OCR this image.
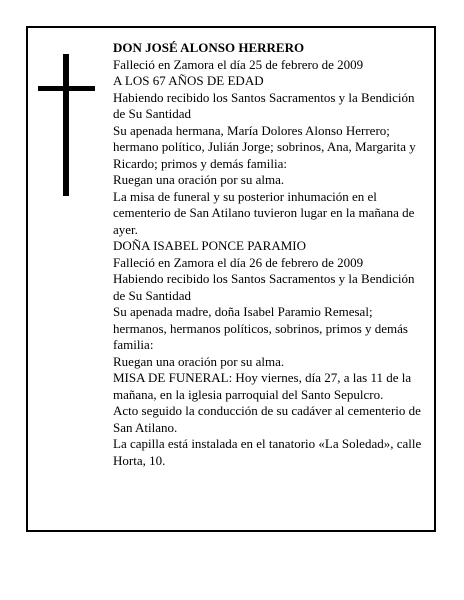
DON JOSÉ ALONSO HERRERO

Falleció en Zamora el día 25 de febrero de 2009

A LOS 67 AÑOS DE EDAD

Habiendo recibido los Santos Sacramentos y la Bendición de Su Santidad

Su apenada hermana, María Dolores Alonso Herrero; hermano político, Julián Jorge; sobrinos, Ana, Margarita y Ricardo; primos y demás familia:

Ruegan una oración por su alma.

La misa de funeral y su posterior inhumación en el cementerio de San Atilano tuvieron lugar en la mañana de ayer.

DOÑA ISABEL PONCE PARAMIO

Falleció en Zamora el día 26 de febrero de 2009

Habiendo recibido los Santos Sacramentos y la Bendición de Su Santidad

Su apenada madre, doña Isabel Paramio Remesal; hermanos, hermanos políticos, sobrinos, primos y demás familia:

Ruegan una oración por su alma.

MISA DE FUNERAL: Hoy viernes, día 27, a las 11 de la mañana, en la iglesia parroquial del Santo Sepulcro.

Acto seguido la conducción de su cadáver al cementerio de San Atilano.

La capilla está instalada en el tanatorio «La Soledad», calle Horta, 10.
